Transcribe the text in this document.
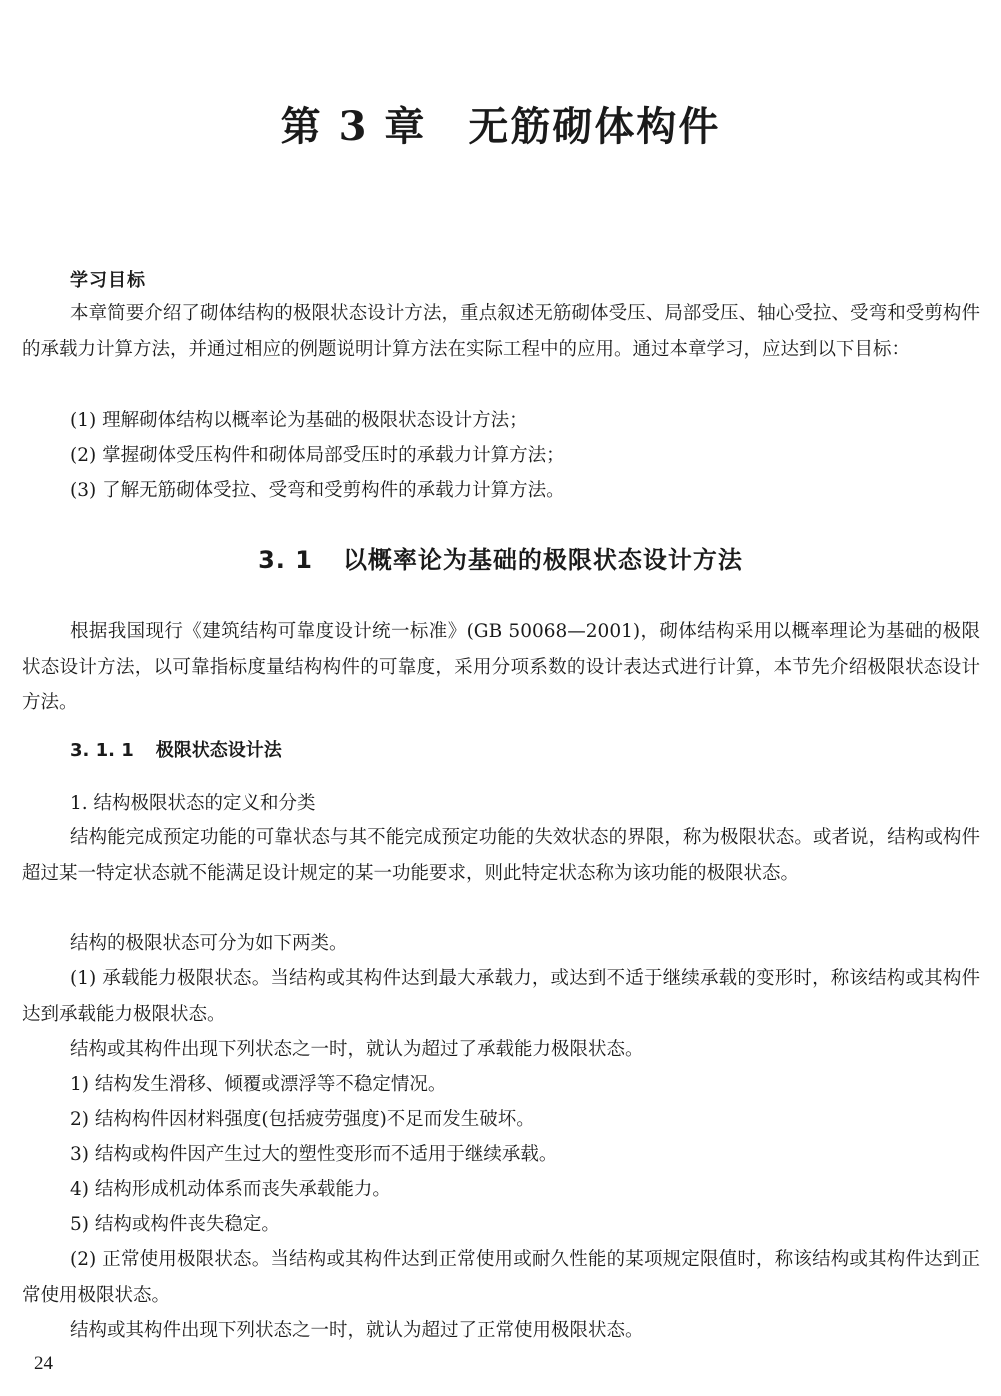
第 3 章　无筋砌体构件
学习目标
本章简要介绍了砌体结构的极限状态设计方法，重点叙述无筋砌体受压、局部受压、轴心受拉、受弯和受剪构件的承载力计算方法，并通过相应的例题说明计算方法在实际工程中的应用。通过本章学习，应达到以下目标：
(1) 理解砌体结构以概率论为基础的极限状态设计方法；
(2) 掌握砌体受压构件和砌体局部受压时的承载力计算方法；
(3) 了解无筋砌体受拉、受弯和受剪构件的承载力计算方法。
3. 1 以概率论为基础的极限状态设计方法
根据我国现行《建筑结构可靠度设计统一标准》(GB 50068—2001)，砌体结构采用以概率理论为基础的极限状态设计方法，以可靠指标度量结构构件的可靠度，采用分项系数的设计表达式进行计算，本节先介绍极限状态设计方法。
3. 1. 1 极限状态设计法
1. 结构极限状态的定义和分类
结构能完成预定功能的可靠状态与其不能完成预定功能的失效状态的界限，称为极限状态。或者说，结构或构件超过某一特定状态就不能满足设计规定的某一功能要求，则此特定状态称为该功能的极限状态。
结构的极限状态可分为如下两类。
(1) 承载能力极限状态。当结构或其构件达到最大承载力，或达到不适于继续承载的变形时，称该结构或其构件达到承载能力极限状态。
结构或其构件出现下列状态之一时，就认为超过了承载能力极限状态。
1) 结构发生滑移、倾覆或漂浮等不稳定情况。
2) 结构构件因材料强度(包括疲劳强度)不足而发生破坏。
3) 结构或构件因产生过大的塑性变形而不适用于继续承载。
4) 结构形成机动体系而丧失承载能力。
5) 结构或构件丧失稳定。
(2) 正常使用极限状态。当结构或其构件达到正常使用或耐久性能的某项规定限值时，称该结构或其构件达到正常使用极限状态。
结构或其构件出现下列状态之一时，就认为超过了正常使用极限状态。
24
